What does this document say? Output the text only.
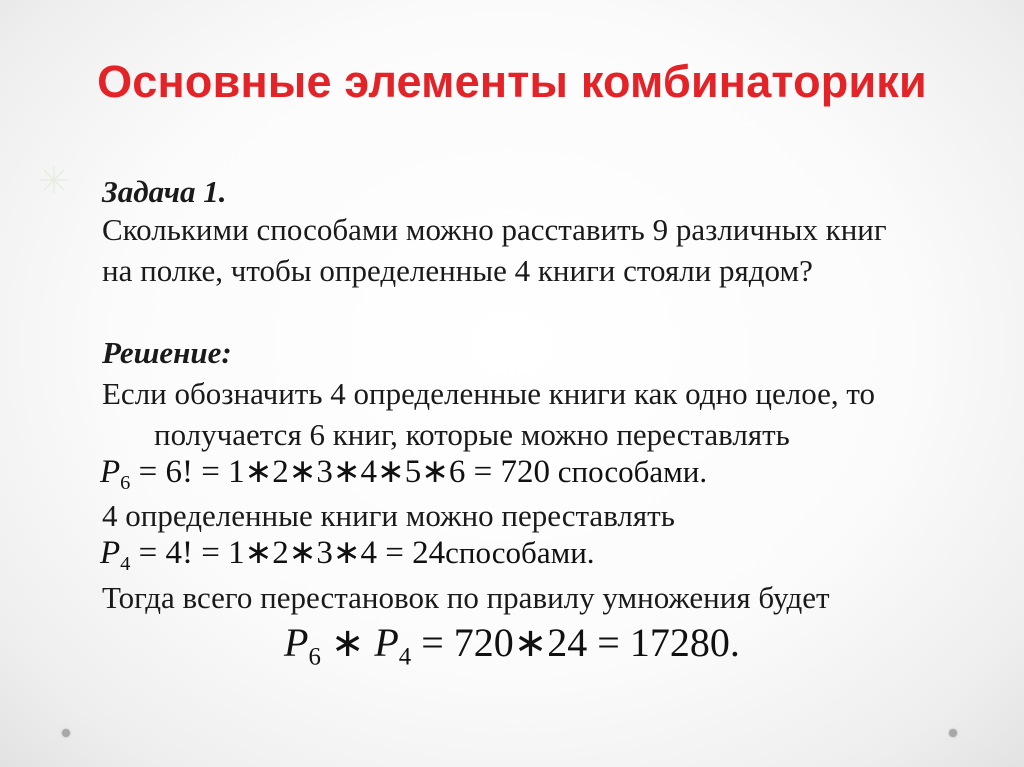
Основные элементы комбинаторики
Задача 1.
Сколькими способами можно расставить 9 различных книг
на полке, чтобы определенные 4 книги стояли рядом?
Решение:
Если обозначить 4 определенные книги как одно целое, то
получается 6 книг, которые можно переставлять
$P_6 = 6$! = 1∗2∗3∗4∗5∗6 = 720 способами.
4 определенные книги можно переставлять
$P_4 = 4$! = 1∗2∗3∗4 = 24способами.
Тогда всего перестановок по правилу умножения будет
$P_6$ ∗ $P_4$ = 720∗24 = 17280.
